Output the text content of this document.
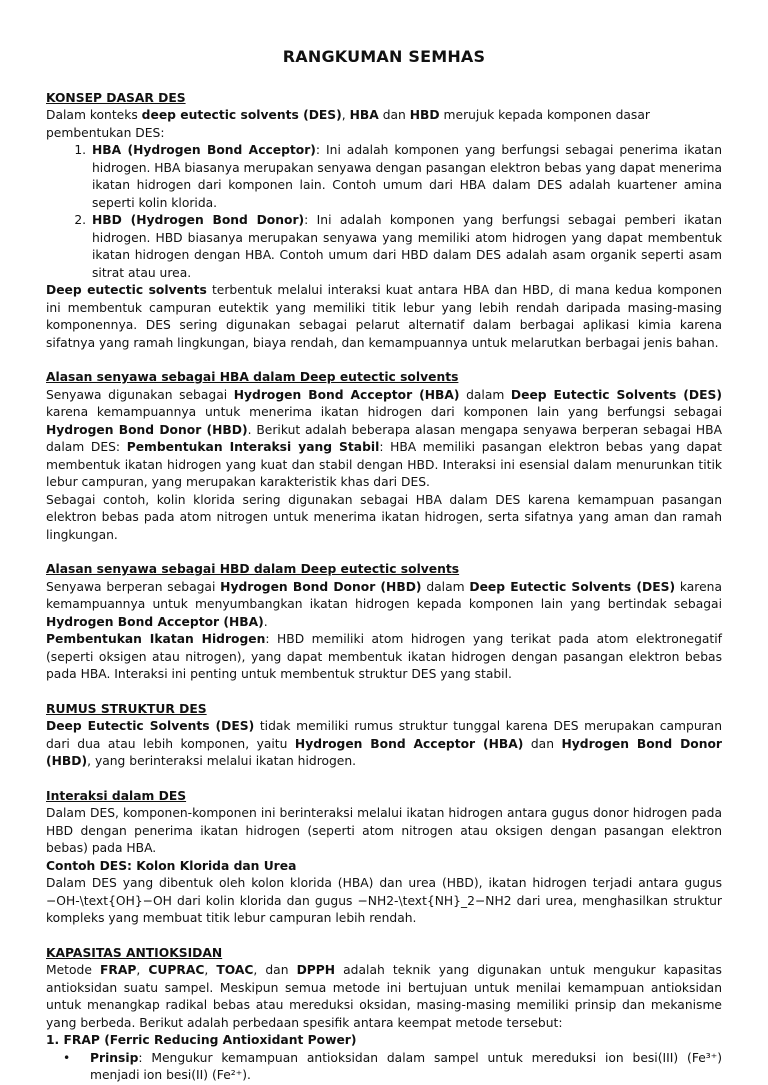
RANGKUMAN SEMHAS

KONSEP DASAR DES

Dalam konteks deep eutectic solvents (DES), HBA dan HBD merujuk kepada komponen dasar pembentukan DES:

1. HBA (Hydrogen Bond Acceptor): Ini adalah komponen yang berfungsi sebagai penerima ikatan hidrogen. HBA biasanya merupakan senyawa dengan pasangan elektron bebas yang dapat menerima ikatan hidrogen dari komponen lain. Contoh umum dari HBA dalam DES adalah kuartener amina seperti kolin klorida.
2. HBD (Hydrogen Bond Donor): Ini adalah komponen yang berfungsi sebagai pemberi ikatan hidrogen. HBD biasanya merupakan senyawa yang memiliki atom hidrogen yang dapat membentuk ikatan hidrogen dengan HBA. Contoh umum dari HBD dalam DES adalah asam organik seperti asam sitrat atau urea.

Deep eutectic solvents terbentuk melalui interaksi kuat antara HBA dan HBD, di mana kedua komponen ini membentuk campuran eutektik yang memiliki titik lebur yang lebih rendah daripada masing-masing komponennya. DES sering digunakan sebagai pelarut alternatif dalam berbagai aplikasi kimia karena sifatnya yang ramah lingkungan, biaya rendah, dan kemampuannya untuk melarutkan berbagai jenis bahan.

Alasan senyawa sebagai HBA dalam Deep eutectic solvents

Senyawa digunakan sebagai Hydrogen Bond Acceptor (HBA) dalam Deep Eutectic Solvents (DES) karena kemampuannya untuk menerima ikatan hidrogen dari komponen lain yang berfungsi sebagai Hydrogen Bond Donor (HBD). Berikut adalah beberapa alasan mengapa senyawa berperan sebagai HBA dalam DES: Pembentukan Interaksi yang Stabil: HBA memiliki pasangan elektron bebas yang dapat membentuk ikatan hidrogen yang kuat dan stabil dengan HBD. Interaksi ini esensial dalam menurunkan titik lebur campuran, yang merupakan karakteristik khas dari DES.

Sebagai contoh, kolin klorida sering digunakan sebagai HBA dalam DES karena kemampuan pasangan elektron bebas pada atom nitrogen untuk menerima ikatan hidrogen, serta sifatnya yang aman dan ramah lingkungan.

Alasan senyawa sebagai HBD dalam Deep eutectic solvents

Senyawa berperan sebagai Hydrogen Bond Donor (HBD) dalam Deep Eutectic Solvents (DES) karena kemampuannya untuk menyumbangkan ikatan hidrogen kepada komponen lain yang bertindak sebagai Hydrogen Bond Acceptor (HBA).

Pembentukan Ikatan Hidrogen: HBD memiliki atom hidrogen yang terikat pada atom elektronegatif (seperti oksigen atau nitrogen), yang dapat membentuk ikatan hidrogen dengan pasangan elektron bebas pada HBA. Interaksi ini penting untuk membentuk struktur DES yang stabil.

RUMUS STRUKTUR DES

Deep Eutectic Solvents (DES) tidak memiliki rumus struktur tunggal karena DES merupakan campuran dari dua atau lebih komponen, yaitu Hydrogen Bond Acceptor (HBA) dan Hydrogen Bond Donor (HBD), yang berinteraksi melalui ikatan hidrogen.

Interaksi dalam DES

Dalam DES, komponen-komponen ini berinteraksi melalui ikatan hidrogen antara gugus donor hidrogen pada HBD dengan penerima ikatan hidrogen (seperti atom nitrogen atau oksigen dengan pasangan elektron bebas) pada HBA.

Contoh DES: Kolon Klorida dan Urea

Dalam DES yang dibentuk oleh kolon klorida (HBA) dan urea (HBD), ikatan hidrogen terjadi antara gugus −OH-\text{OH}−OH dari kolin klorida dan gugus −NH2-\text{NH}_2−NH2 dari urea, menghasilkan struktur kompleks yang membuat titik lebur campuran lebih rendah.

KAPASITAS ANTIOKSIDAN

Metode FRAP, CUPRAC, TOAC, dan DPPH adalah teknik yang digunakan untuk mengukur kapasitas antioksidan suatu sampel. Meskipun semua metode ini bertujuan untuk menilai kemampuan antioksidan untuk menangkap radikal bebas atau mereduksi oksidan, masing-masing memiliki prinsip dan mekanisme yang berbeda. Berikut adalah perbedaan spesifik antara keempat metode tersebut:

1. FRAP (Ferric Reducing Antioxidant Power)

• Prinsip: Mengukur kemampuan antioksidan dalam sampel untuk mereduksi ion besi(III) (Fe³⁺) menjadi ion besi(II) (Fe²⁺).
